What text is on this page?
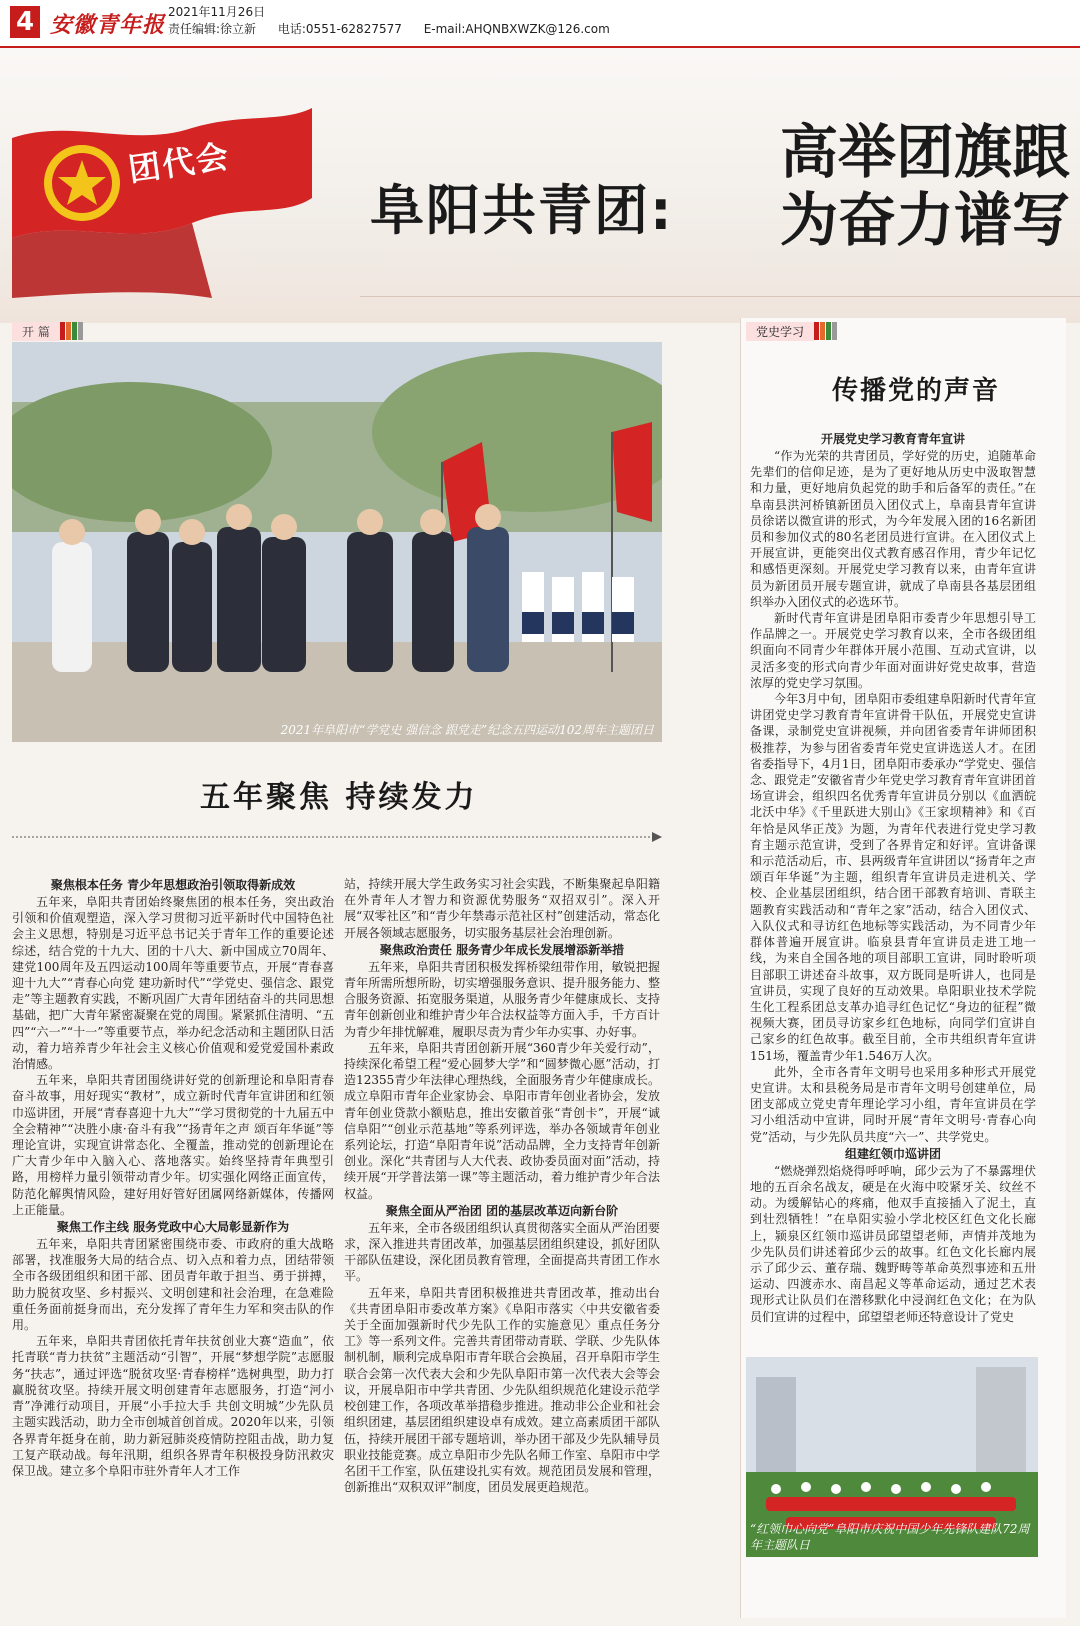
4 安徽青年报 2021年11月26日
责任编辑:徐立新 电话:0551-62827577 E-mail:AHQNBXWZK@126.com
团代会
阜阳共青团:
高举团旗跟
为奋力谱写
开 篇
2021年阜阳市“学党史 强信念 跟党走”纪念五四运动102周年主题团日
五年聚焦 持续发力
聚焦根本任务 青少年思想政治引领取得新成效

五年来，阜阳共青团始终聚焦团的根本任务，突出政治引领和价值观塑造，深入学习贯彻习近平新时代中国特色社会主义思想，特别是习近平总书记关于青年工作的重要论述综述，结合党的十九大、团的十八大、新中国成立70周年、建党100周年及五四运动100周年等重要节点，开展“青春喜迎十九大”“青春心向党 建功新时代”“学党史、强信念、跟党走”等主题教育实践，不断巩固广大青年团结奋斗的共同思想基础，把广大青年紧密凝聚在党的周围。紧紧抓住清明、“五四”“六一”“十一”等重要节点，举办纪念活动和主题团队日活动，着力培养青少年社会主义核心价值观和爱党爱国朴素政治情感。

五年来，阜阳共青团围绕讲好党的创新理论和阜阳青春奋斗故事，用好现实“教材”，成立新时代青年宣讲团和红领巾巡讲团，开展“青春喜迎十九大”“学习贯彻党的十九届五中全会精神”“决胜小康·奋斗有我”“扬青年之声 颂百年华诞”等理论宣讲，实现宣讲常态化、全覆盖，推动党的创新理论在广大青少年中入脑入心、落地落实。始终坚持青年典型引路，用榜样力量引领带动青少年。切实强化网络正面宣传，防范化解舆情风险，建好用好管好团属网络新媒体，传播网上正能量。

聚焦工作主线 服务党政中心大局彰显新作为

五年来，阜阳共青团紧密围绕市委、市政府的重大战略部署，找准服务大局的结合点、切入点和着力点，团结带领全市各级团组织和团干部、团员青年敢于担当、勇于拼搏，助力脱贫攻坚、乡村振兴、文明创建和社会治理，在急难险重任务面前挺身而出，充分发挥了青年生力军和突击队的作用。

五年来，阜阳共青团依托青年扶贫创业大赛“造血”，依托青联“青力扶贫”主题活动“引智”，开展“梦想学院”志愿服务“扶志”，通过评选“脱贫攻坚·青春榜样”选树典型，助力打赢脱贫攻坚。持续开展文明创建青年志愿服务，打造“河小青”净滩行动项目，开展“小手拉大手 共创文明城”少先队员主题实践活动，助力全市创城首创首成。2020年以来，引领各界青年挺身在前，助力新冠肺炎疫情防控阻击战，助力复工复产联动战。每年汛期，组织各界青年积极投身防汛救灾保卫战。建立多个阜阳市驻外青年人才工作

站，持续开展大学生政务实习社会实践，不断集聚起阜阳籍在外青年人才智力和资源优势服务“双招双引”。深入开展“双零社区”和“青少年禁毒示范社区村”创建活动，常态化开展各领域志愿服务，切实服务基层社会治理创新。

聚焦政治责任 服务青少年成长发展增添新举措

五年来，阜阳共青团积极发挥桥梁纽带作用，敏锐把握青年所需所想所盼，切实增强服务意识、提升服务能力、整合服务资源、拓宽服务渠道，从服务青少年健康成长、支持青年创新创业和维护青少年合法权益等方面入手，千方百计为青少年排忧解难，履职尽责为青少年办实事、办好事。

五年来，阜阳共青团创新开展“360青少年关爱行动”，持续深化希望工程“爱心圆梦大学”和“圆梦微心愿”活动，打造12355青少年法律心理热线，全面服务青少年健康成长。成立阜阳市青年企业家协会、阜阳市青年创业者协会，发放青年创业贷款小额贴息，推出安徽首张“青创卡”，开展“诚信阜阳”“创业示范基地”等系列评选，举办各领域青年创业系列论坛，打造“阜阳青年说”活动品牌，全力支持青年创新创业。深化“共青团与人大代表、政协委员面对面”活动，持续开展“开学普法第一课”等主题活动，着力维护青少年合法权益。

聚焦全面从严治团 团的基层改革迈向新台阶

五年来，全市各级团组织认真贯彻落实全面从严治团要求，深入推进共青团改革，加强基层团组织建设，抓好团队干部队伍建设，深化团员教育管理，全面提高共青团工作水平。

五年来，阜阳共青团积极推进共青团改革，推动出台《共青团阜阳市委改革方案》《阜阳市落实〈中共安徽省委关于全面加强新时代少先队工作的实施意见〉重点任务分工》等一系列文件。完善共青团带动青联、学联、少先队体制机制，顺利完成阜阳市青年联合会换届，召开阜阳市学生联合会第一次代表大会和少先队阜阳市第一次代表大会等会议，开展阜阳市中学共青团、少先队组织规范化建设示范学校创建工作，各项改革举措稳步推进。推动非公企业和社会组织团建，基层团组织建设卓有成效。建立高素质团干部队伍，持续开展团干部专题培训，举办团干部及少先队辅导员职业技能竞赛。成立阜阳市少先队名师工作室、阜阳市中学名团干工作室，队伍建设扎实有效。规范团员发展和管理，创新推出“双积双评”制度，团员发展更趋规范。

党史学习
传播党的声音
开展党史学习教育青年宣讲

“作为光荣的共青团员，学好党的历史，追随革命先辈们的信仰足迹，是为了更好地从历史中汲取智慧和力量，更好地肩负起党的助手和后备军的责任。”在阜南县洪河桥镇新团员入团仪式上，阜南县青年宣讲员徐诺以微宣讲的形式，为今年发展入团的16名新团员和参加仪式的80名老团员进行宣讲。在入团仪式上开展宣讲，更能突出仪式教育感召作用，青少年记忆和感悟更深刻。开展党史学习教育以来，由青年宣讲员为新团员开展专题宣讲，就成了阜南县各基层团组织举办入团仪式的必选环节。

新时代青年宣讲是团阜阳市委青少年思想引导工作品牌之一。开展党史学习教育以来，全市各级团组织面向不同青少年群体开展小范围、互动式宣讲，以灵活多变的形式向青少年面对面讲好党史故事，营造浓厚的党史学习氛围。

今年3月中旬，团阜阳市委组建阜阳新时代青年宣讲团党史学习教育青年宣讲骨干队伍，开展党史宣讲备课，录制党史宣讲视频，并向团省委青年讲师团积极推荐，为参与团省委青年党史宣讲选送人才。在团省委指导下，4月1日，团阜阳市委承办“学党史、强信念、跟党走”安徽省青少年党史学习教育青年宣讲团首场宣讲会，组织四名优秀青年宣讲员分别以《血洒皖北沃中华》《千里跃进大别山》《王家坝精神》和《百年恰是风华正茂》为题，为青年代表进行党史学习教育主题示范宣讲，受到了各界肯定和好评。宣讲备课和示范活动后，市、县两级青年宣讲团以“扬青年之声 颂百年华诞”为主题，组织青年宣讲员走进机关、学校、企业基层团组织，结合团干部教育培训、青联主题教育实践活动和“青年之家”活动，结合入团仪式、入队仪式和寻访红色地标等实践活动，为不同青少年群体普遍开展宣讲。临泉县青年宣讲员走进工地一线，为来自全国各地的项目部职工宣讲，同时聆听项目部职工讲述奋斗故事，双方既同是听讲人，也同是宣讲员，实现了良好的互动效果。阜阳职业技术学院生化工程系团总支革办追寻红色记忆“身边的征程”微视频大赛，团员寻访家乡红色地标，向同学们宣讲自己家乡的红色故事。截至目前，全市共组织青年宣讲151场，覆盖青少年1.546万人次。

此外，全市各青年文明号也采用多种形式开展党史宣讲。太和县税务局是市青年文明号创建单位，局团支部成立党史青年理论学习小组，青年宣讲员在学习小组活动中宣讲，同时开展“青年文明号·青春心向党”活动，与少先队员共度“六一”、共学党史。

组建红领巾巡讲团

“燃烧弹烈焰烧得呼呼响，邱少云为了不暴露埋伏地的五百余名战友，硬是在火海中咬紧牙关、纹丝不动。为缓解钻心的疼痛，他双手直接插入了泥土，直到壮烈牺牲！”在阜阳实验小学北校区红色文化长廊上，颍泉区红领巾巡讲员邱望望老师，声情并茂地为少先队员们讲述着邱少云的故事。红色文化长廊内展示了邱少云、董存瑞、魏野畴等革命英烈事迹和五卅运动、四渡赤水、南昌起义等革命运动，通过艺术表现形式让队员们在潜移默化中浸润红色文化；在为队员们宣讲的过程中，邱望望老师还特意设计了党史

“红领巾心向党”阜阳市庆祝中国少年先锋队建队72周年主题队日
